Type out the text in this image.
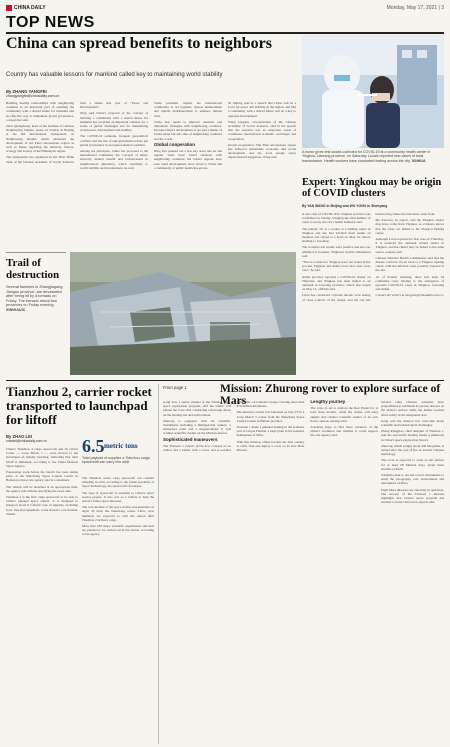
CHINA DAILY	Monday, May 17, 2021 | 3
TOP NEWS
China can spread benefits to neighbors
Country has valuable lessons for mankind called key to maintaining world stability
By ZHANG YANGFEI
zhangyangfei@chinadaily.com.cn

Building healthy relationships with neighboring countries is an important part of enabling the community with a shared future for mankind and an effective way to implement global governance, a researcher said.

Zhou Qiangzheng, head of the Institute of Chinese Neighboring Studies, spoke on Sunday in Beijing at the 6th International Symposium on Neighboring Studies, which addressed the development of the Tibet autonomous region as well as issues regarding the ethnicity, history, ecology and society of the Himalayan region.

The symposium was organized by the Tibet Think Tank of the Chinese Academy of Social Sciences with a theme this year of "Peace and Development".

Xing said China's proposal of the concept of building a community with a shared future for mankind has provided an important solution for a series of global challenges and for maintaining world peace, development and stability.

The COVID-19 outbreak, frequent geopolitical conflicts and the rise of anti-globalization have put global governance in an unprecedented condition.

Among the principles, China has proposed to the international community the concepts of amity, sincerity, mutual benefit and inclusiveness in neighborhood diplomacy, which contribute to world stability and development, he said.

Some problems require the international community to act together, oppose unilateralism and uphold multilateralism to enhance mutual trust.

China also needs to improve relations and diplomatic strategies with neighboring countries, because China's development is not just a matter of China alone but also that of neighboring countries and the world.

Global cooperation

Xing also pointed out a few key areas that he and regular visits have found relations with neighboring countries: the border regions have seen rapid development, more travel to China and a community of public health has grown.

Xi Jinping said in a speech that China will be a force for peace and stability in the region, and that a community with a shared future will be a key to regional development.

Wang Lingxiu, vice-president of the Chinese Academy of Social Sciences, said in his speech that the research was an important result of continuous international academic exchanges and cooperation.

Global cooperation: The Tibet autonomous region has achieved remarkable economic and social development and the local people enjoy unprecedented happiness, Wang said.

A nurse gives test swabs collected for COVID-19 at a community health center in Yingkou, Liaoning province, on Saturday. Locals reported new cases of local transmission. Health workers have conducted testing across the city. XINHUA
Expert: Yingkou may be origin of COVID clusters
By YAN WANG in Beijing and WU YONG in Shenyang

A new case of COVID-19 in Yingkou province was confirmed on Sunday, bringing the total number of cases to seven, the city's health authority said.

The patient, 50, is a worker at a bathing center in Yingkou and she had traveled from Anhui on business and stayed at a hotel on May 14, before heading to Liaoning.

The woman's test results were positive and she was admitted to hospital, Yingkou's health commission said.

"The two related to Yingkou were not found in the process. Yingkou and Anhui prove that cases cross over," he said.

Anhui province reported a COVID-19 cluster on Thursday, and Yingkou has been linked to an outbreak in Liaoning province, which also began on May 13, officials said.

Lu'an has conducted citywide nucleic acid testing of close contacts of the cluster, and the city has been tracing where the infections came from.

Ma Xiaowei, an expert, said the Yingkou cluster may have come from Yingkou, as evidence shows that the cases are linked to the Yingkou bathing center.

Although Lu'an reported its first case on Thursday, it is believed the outbreak started earlier in Yingkou, and the cluster may be linked to the same source, experts said.

Chinese National Health Commission said that the disease could be traced back to a Yingkou bathing center, with the infected cases possibly exposed at the site.

As of Sunday morning, there had been 34 confirmed cases relating to the emergence of sporadic COVID-19 cases in Yingkou, Liaoning and Anhui.

Contact the writers at yangyan@chinadaily.com.cn

Trail of destruction
Several factories in Zhangjiagang, Jiangsu province, are devastated after being hit by a tornado on Friday. The tornado struck two provinces on Friday evening. XINHUA/IC
Tianzhou 2, carrier rocket transported to launchpad for liftoff
By ZHAO LEI
zhaolei@chinadaily.com.cn 6.5 metric tons
Total payload of supplies a Tianzhou cargo spacecraft can carry into orbit

China's Tianzhou 2 cargo spacecraft and its carrier rocket — Long March 7 — were moved to the launchpad on Sunday morning, indicating that their liftoff is imminent, according to the China Manned Space Agency.

Preparation work before the launch has been taking place at the Wenchang Space Launch Center in Hainan province, the agency said in a statement.

The vehicle will be launched at an appropriate time, the agency said without specifying the exact date.

Tianzhou 2 is the first cargo spacecraft to be sent to China's planned space station. It is designed to transport about 6.5 metric tons of supplies, including food, fuel and equipment, to the station's core module, Tianhe.

The Tianzhou series cargo spacecraft can conduct refueling in orbit, according to the China Academy of Space Technology, the spacecraft's developer.

The type of spacecraft is essential to China's space station project. It also acts as a vehicle to help the nation's future space missions.

The core module of the space station was launched on April 29 from the Wenchang center. Three crew members are expected to visit the station after Tianzhou 2 delivers cargo.

More than 100 major scientific experiments and tests are planned to be carried out in the station, according to the agency.

From page 1	Mission: Zhurong rover to explore surface of Mars

Geng Yan, a senior planner at the Chinese deep-space exploration program, said the lander will release the rover after conducting a thorough check on the landing site and environment.

Zhurong is equipped with six scientific instruments including a multispectral camera, a subsurface radar and a magnetometer. It will conduct scientific studies on the Martian surface.

Sophisticated maneuvers

The Tianwen 1 robotic probe now consists of an orbiter and a lander with a rover, and it reached Mars after a 6.5-month voyage covering more than 470 million kilometers.

The mission's orbiter was launched on July 23 by a Long March 5 rocket from the Wenchang Space Launch Center in Hainan province.

Tianwen 1 made a planned landing in the southern part of Utopia Planitia, a large plain in the northern hemisphere of Mars.

With this mission, China became the first country to orbit, land and deploy a rover on its first Mars mission.

Lengthy journey

The rover is set to explore the Red Planet for at least three months, while the orbiter will relay signals and conduct scientific studies of its own from a remote sensing orbit.

Scientists hope to find more evidence of the planet's evolution and whether it could support life, the agency said.

Several other Chinese scientists have programmed to landmark its precise descent on the planet's surface while the lander touched down safely in the designated area.

Geng said the mission has overcome many scientific and technological challenges.

Zhang Rongqiao, chief designer of Tianwen 1, said the successful landing marks a milestone in China's space exploration history.

Zhurong, which weighs about 240 kilograms, is named after the god of fire in ancient Chinese mythology.

The rover is expected to work on the surface for at least 90 Martian days, about three months on Earth.

Scientists plan to use the rover's instruments to study the topography, soil, environment and atmosphere of Mars.

Eight Mars missions are currently in operation. The success of the Tianwen 1 mission highlights that China's space program has reached a world-class level, experts said.
